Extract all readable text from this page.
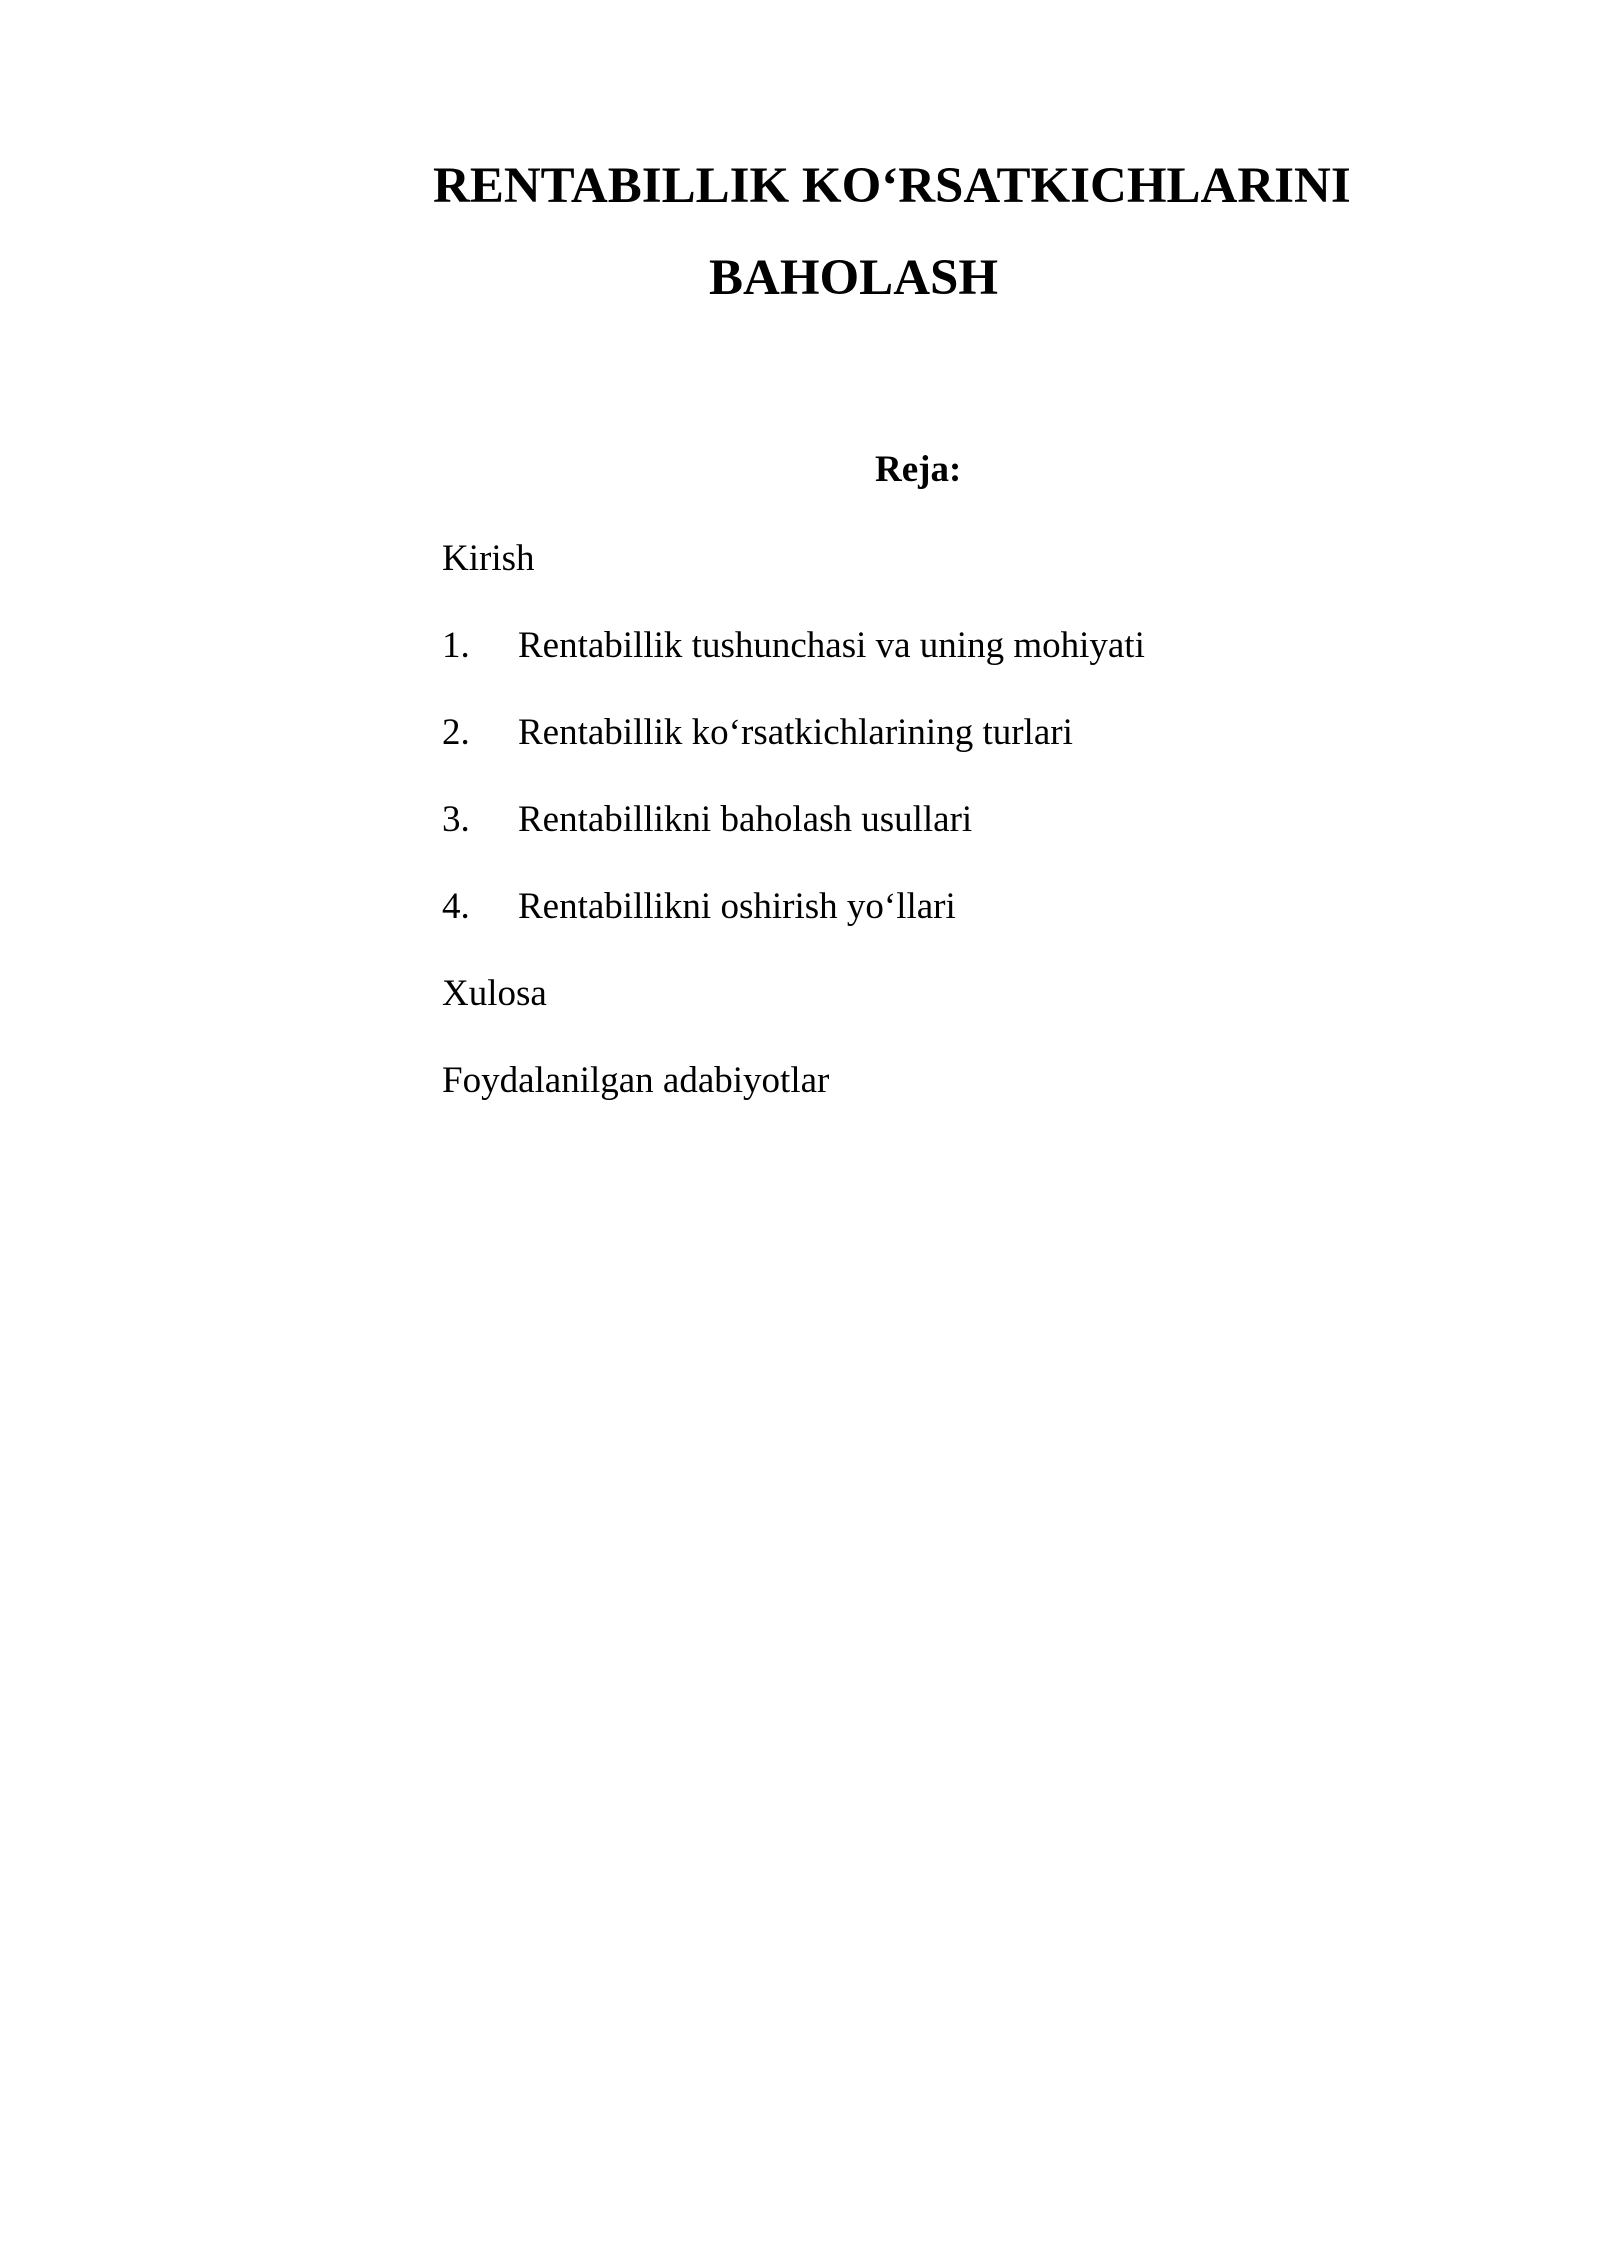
RENTABILLIK KO‘RSATKICHLARINI
BAHOLASH
Reja:
Kirish
1. Rentabillik tushunchasi va uning mohiyati
2. Rentabillik ko‘rsatkichlarining turlari
3. Rentabillikni baholash usullari
4. Rentabillikni oshirish yo‘llari
Xulosa
Foydalanilgan adabiyotlar
